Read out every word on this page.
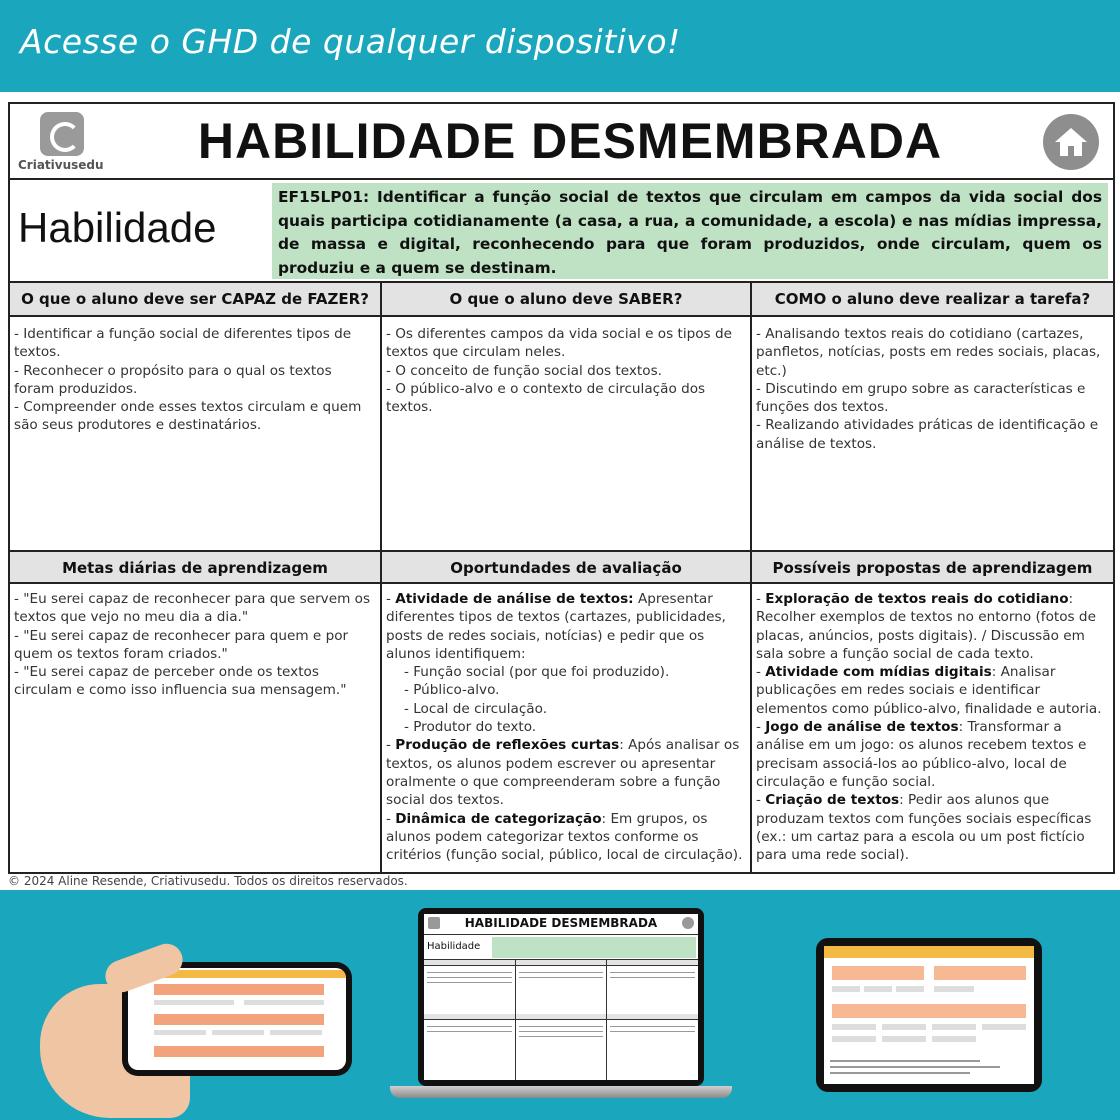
Acesse o GHD de qualquer dispositivo!
Criativusedu	HABILIDADE DESMEMBRADA
Habilidade
EF15LP01: Identificar a função social de textos que circulam em campos da vida social dos quais participa cotidianamente (a casa, a rua, a comunidade, a escola) e nas mídias impressa, de massa e digital, reconhecendo para que foram produzidos, onde circulam, quem os produziu e a quem se destinam.
O que o aluno deve ser CAPAZ de FAZER?
- Identificar a função social de diferentes tipos de textos.
- Reconhecer o propósito para o qual os textos foram produzidos.
- Compreender onde esses textos circulam e quem são seus produtores e destinatários.
Metas diárias de aprendizagem
- "Eu serei capaz de reconhecer para que servem os textos que vejo no meu dia a dia."
- "Eu serei capaz de reconhecer para quem e por quem os textos foram criados."
- "Eu serei capaz de perceber onde os textos circulam e como isso influencia sua mensagem."
O que o aluno deve SABER?
- Os diferentes campos da vida social e os tipos de textos que circulam neles.
- O conceito de função social dos textos.
- O público-alvo e o contexto de circulação dos textos.
Oportundades de avaliação
- Atividade de análise de textos: Apresentar diferentes tipos de textos (cartazes, publicidades, posts de redes sociais, notícias) e pedir que os alunos identifiquem:
- Função social (por que foi produzido).
- Público-alvo.
- Local de circulação.
- Produtor do texto.
- Produção de reflexões curtas: Após analisar os textos, os alunos podem escrever ou apresentar oralmente o que compreenderam sobre a função social dos textos.
- Dinâmica de categorização: Em grupos, os alunos podem categorizar textos conforme os critérios (função social, público, local de circulação).
COMO o aluno deve realizar a tarefa?
- Analisando textos reais do cotidiano (cartazes, panfletos, notícias, posts em redes sociais, placas, etc.)
- Discutindo em grupo sobre as características e funções dos textos.
- Realizando atividades práticas de identificação e análise de textos.
Possíveis propostas de aprendizagem
- Exploração de textos reais do cotidiano: Recolher exemplos de textos no entorno (fotos de placas, anúncios, posts digitais). / Discussão em sala sobre a função social de cada texto.
- Atividade com mídias digitais: Analisar publicações em redes sociais e identificar elementos como público-alvo, finalidade e autoria.
- Jogo de análise de textos: Transformar a análise em um jogo: os alunos recebem textos e precisam associá-los ao público-alvo, local de circulação e função social.
- Criação de textos: Pedir aos alunos que produzam textos com funções sociais específicas (ex.: um cartaz para a escola ou um post fictício para uma rede social).
© 2024 Aline Resende, Criativusedu. Todos os direitos reservados.
HABILIDADE DESMEMBRADA
Habilidade
